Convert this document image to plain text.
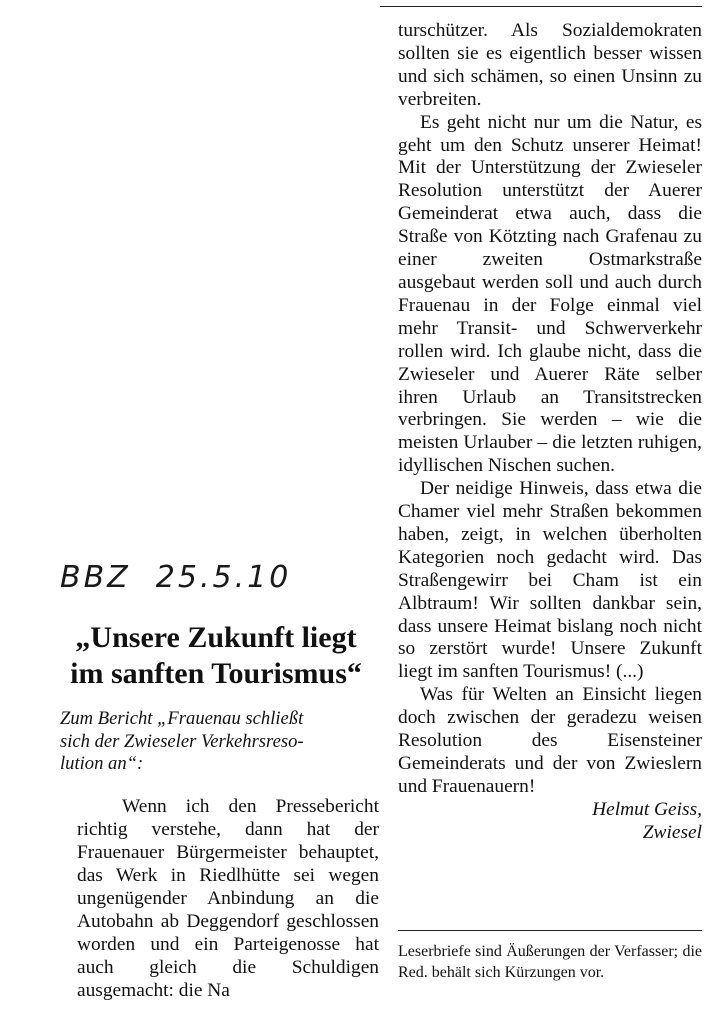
BBZ  25.5.10
„Unsere Zukunft liegt
im sanften Tourismus“
Zum Bericht „Frauenau schließt
sich der Zwieseler Verkehrsreso-
lution an“:

Wenn ich den Pressebericht richtig verstehe, dann hat der Frauenauer Bürgermeister behauptet, das Werk in Riedlhütte sei wegen ungenügender Anbindung an die Autobahn ab Deggendorf geschlossen worden und ein Parteigenosse hat auch gleich die Schuldigen ausgemacht: die Na

turschützer. Als Sozialdemokraten sollten sie es eigentlich besser wissen und sich schämen, so einen Unsinn zu verbreiten.

Es geht nicht nur um die Natur, es geht um den Schutz unserer Heimat! Mit der Unterstützung der Zwieseler Resolution unterstützt der Auerer Gemeinderat etwa auch, dass die Straße von Kötzting nach Grafenau zu einer zweiten Ostmarkstraße ausgebaut werden soll und auch durch Frauenau in der Folge einmal viel mehr Transit- und Schwerverkehr rollen wird. Ich glaube nicht, dass die Zwieseler und Auerer Räte selber ihren Urlaub an Transitstrecken verbringen. Sie werden – wie die meisten Urlauber – die letzten ruhigen, idyllischen Nischen suchen.

Der neidige Hinweis, dass etwa die Chamer viel mehr Straßen bekommen haben, zeigt, in welchen überholten Kategorien noch gedacht wird. Das Straßengewirr bei Cham ist ein Albtraum! Wir sollten dankbar sein, dass unsere Heimat bislang noch nicht so zerstört wurde! Unsere Zukunft liegt im sanften Tourismus! (...)

Was für Welten an Einsicht liegen doch zwischen der geradezu weisen Resolution des Eisensteiner Gemeinderats und der von Zwieslern und Frauenauern!

Helmut Geiss,
Zwiesel
Leserbriefe sind Äußerungen der Verfasser; die Red. behält sich Kürzungen vor.
